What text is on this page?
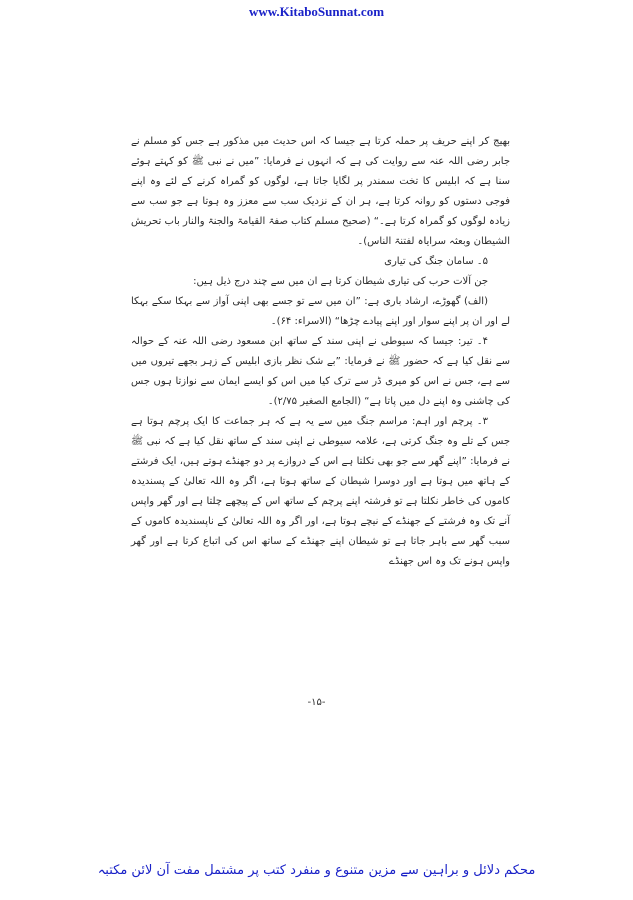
www.KitaboSunnat.com

بھیج کر اپنے حریف پر حملہ کرتا ہے جیسا کہ اس حدیث میں مذکور ہے جس کو مسلم نے جابر رضی اللہ عنہ سے روایت کی ہے کہ انہوں نے فرمایا: ”میں نے نبی ﷺ کو کہتے ہوئے سنا ہے کہ ابلیس کا تخت سمندر پر لگایا جاتا ہے، لوگوں کو گمراہ کرنے کے لئے وہ اپنے فوجی دستوں کو روانہ کرتا ہے، ہر ان کے نزدیک سب سے معزز وہ ہوتا ہے جو سب سے زیادہ لوگوں کو گمراہ کرتا ہے۔“ (صحیح مسلم کتاب صفۃ القیامۃ والجنۃ والنار باب تحریش الشیطان وبعثہ سرایاہ لفتنۃ الناس)۔

۵۔ سامان جنگ کی تیاری

جن آلات حرب کی تیاری شیطان کرتا ہے ان میں سے چند درج ذیل ہیں:

(الف) گھوڑے، ارشاد باری ہے: ”ان میں سے تو جسے بھی اپنی آواز سے بہکا سکے بہکا لے اور ان پر اپنے سوار اور اپنے پیادے چڑھا“ (الاسراء: ۶۴)۔

۴۔ تیر: جیسا کہ سیوطی نے اپنی سند کے ساتھ ابن مسعود رضی اللہ عنہ کے حوالہ سے نقل کیا ہے کہ حضور ﷺ نے فرمایا: ”بے شک نظر بازی ابلیس کے زہر بجھے تیروں میں سے ہے، جس نے اس کو میری ڈر سے ترک کیا میں اس کو ایسے ایمان سے نوازتا ہوں جس کی چاشنی وہ اپنے دل میں پاتا ہے“ (الجامع الصغیر ۲/۷۵)۔

۳۔ پرچم اور اہم: مراسم جنگ میں سے یہ ہے کہ ہر جماعت کا ایک پرچم ہوتا ہے جس کے تلے وہ جنگ کرتی ہے، علامہ سیوطی نے اپنی سند کے ساتھ نقل کیا ہے کہ نبی ﷺ نے فرمایا: ”اپنے گھر سے جو بھی نکلتا ہے اس کے دروازے پر دو جھنڈے ہوتے ہیں، ایک فرشتے کے ہاتھ میں ہوتا ہے اور دوسرا شیطان کے ساتھ ہوتا ہے، اگر وہ اللہ تعالیٰ کے پسندیدہ کاموں کی خاطر نکلتا ہے تو فرشتہ اپنے پرچم کے ساتھ اس کے پیچھے چلتا ہے اور گھر واپس آنے تک وہ فرشتے کے جھنڈے کے نیچے ہوتا ہے، اور اگر وہ اللہ تعالیٰ کے ناپسندیدہ کاموں کے سبب گھر سے باہر جاتا ہے تو شیطان اپنے جھنڈے کے ساتھ اس کی اتباع کرتا ہے اور گھر واپس ہونے تک وہ اس جھنڈے

-۱۵-
محکم دلائل و براہین سے مزین متنوع و منفرد کتب پر مشتمل مفت آن لائن مکتبہ
